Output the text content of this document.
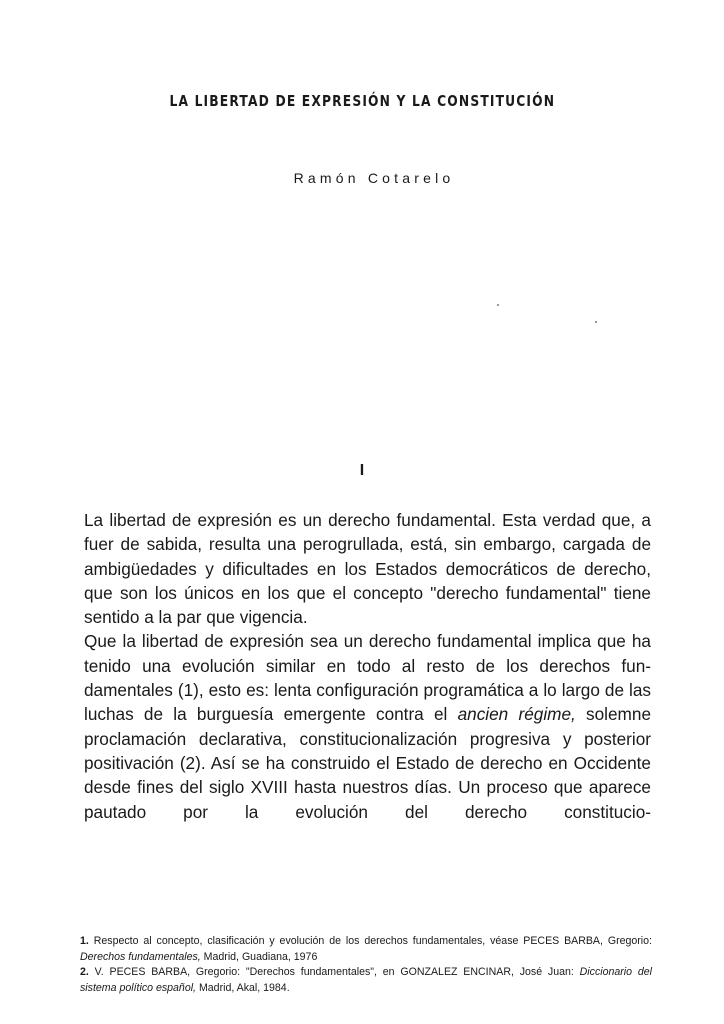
LA LIBERTAD DE EXPRESIÓN Y LA CONSTITUCIÓN
Ramón Cotarelo
I

La libertad de expresión es un derecho fundamental. Esta verdad que, a fuer de sabida, resulta una perogrullada, está, sin embargo, cargada de ambigüedades y dificultades en los Estados democráticos de derecho, que son los únicos en los que el concepto "derecho fundamental" tiene sentido a la par que vigencia.

Que la libertad de expresión sea un derecho fundamental implica que ha tenido una evolución similar en todo al resto de los derechos fundamentales (1), esto es: lenta configuración programática a lo largo de las luchas de la burguesía emergente contra el ancien régime, solemne proclamación declarativa, constitucionalización progresiva y posterior positivación (2). Así se ha construido el Estado de derecho en Occidente desde fines del siglo XVIII hasta nuestros días. Un proceso que aparece pautado por la evolución del derecho constitucio-

1. Respecto al concepto, clasificación y evolución de los derechos fundamentales, véase PECES BARBA, Gregorio: Derechos fundamentales, Madrid, Guadiana, 1976

2. V. PECES BARBA, Gregorio: "Derechos fundamentales", en GONZALEZ ENCINAR, José Juan: Diccionario del sistema político español, Madrid, Akal, 1984.
